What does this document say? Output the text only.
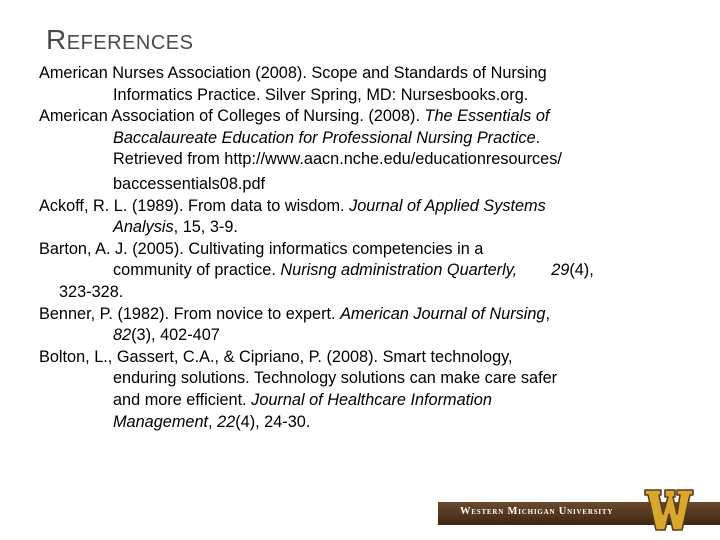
REFERENCES
American Nurses Association (2008). Scope and Standards of Nursing
Informatics Practice. Silver Spring, MD: Nursesbooks.org.
American Association of Colleges of Nursing. (2008). The Essentials of
Baccalaureate Education for Professional Nursing Practice.
Retrieved from http://www.aacn.nche.edu/educationresources/
baccessentials08.pdf
Ackoff, R. L. (1989). From data to wisdom. Journal of Applied Systems
Analysis, 15, 3-9.
Barton, A. J. (2005). Cultivating informatics competencies in a
community of practice. Nurisng administration Quarterly, 29(4),
323-328.
Benner, P. (1982). From novice to expert. American Journal of Nursing,
82(3), 402-407
Bolton, L., Gassert, C.A., & Cipriano, P. (2008). Smart technology,
enduring solutions. Technology solutions can make care safer
and more efficient. Journal of Healthcare Information
Management, 22(4), 24-30.
Western Michigan University
W
